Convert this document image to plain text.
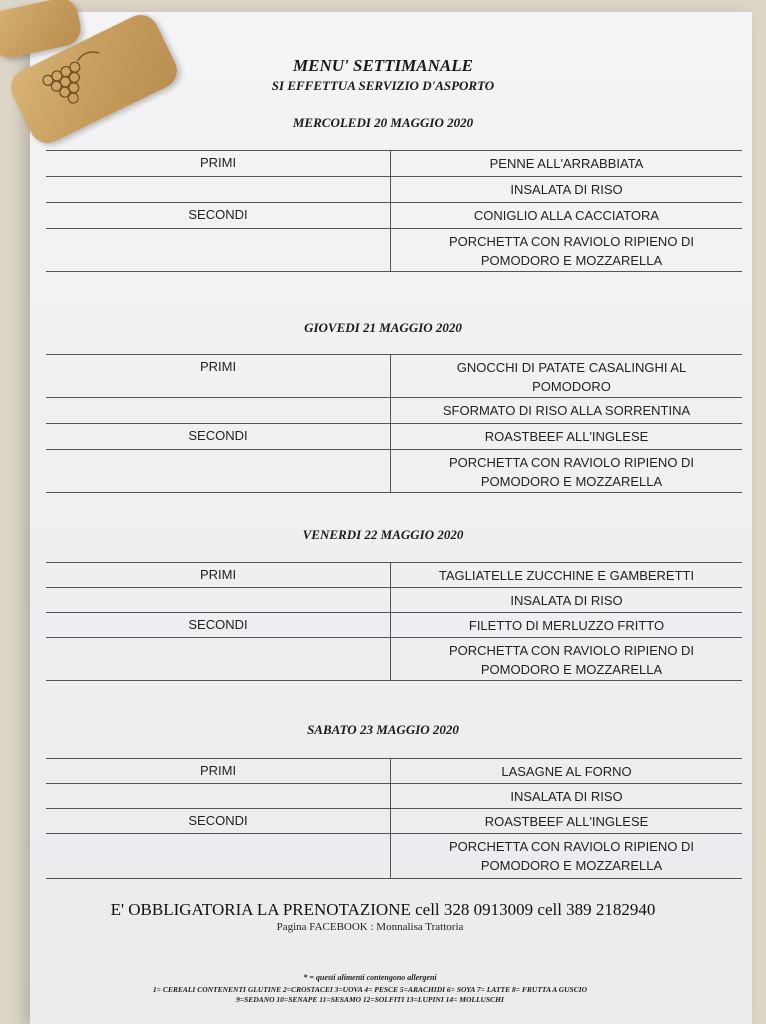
MENU' SETTIMANALE
SI EFFETTUA SERVIZIO D'ASPORTO
MERCOLEDI 20 MAGGIO 2020
PRIMI	PENNE ALL'ARRABBIATA
INSALATA DI RISO
SECONDI	CONIGLIO ALLA CACCIATORA
PORCHETTA CON RAVIOLO RIPIENO DI POMODORO E MOZZARELLA
GIOVEDI 21 MAGGIO 2020
PRIMI	GNOCCHI DI PATATE CASALINGHI AL POMODORO
SFORMATO DI RISO ALLA SORRENTINA
SECONDI	ROASTBEEF ALL'INGLESE
PORCHETTA CON RAVIOLO RIPIENO DI POMODORO E MOZZARELLA
VENERDI 22 MAGGIO 2020
PRIMI	TAGLIATELLE ZUCCHINE E GAMBERETTI
INSALATA DI RISO
SECONDI	FILETTO DI MERLUZZO FRITTO
PORCHETTA CON RAVIOLO RIPIENO DI POMODORO E MOZZARELLA
SABATO 23 MAGGIO 2020
PRIMI	LASAGNE AL FORNO
INSALATA DI RISO
SECONDI	ROASTBEEF ALL'INGLESE
PORCHETTA CON RAVIOLO RIPIENO DI POMODORO E MOZZARELLA
E' OBBLIGATORIA LA PRENOTAZIONE cell 328 0913009 cell 389 2182940
Pagina FACEBOOK : Monnalisa Trattoria
* = questi alimenti contengono allergeni
1= CEREALI CONTENENTI GLUTINE 2=CROSTACEI 3=UOVA 4= PESCE 5=ARACHIDI 6= SOYA 7= LATTE 8= FRUTTA A GUSCIO
9=SEDANO 10=SENAPE 11=SESAMO 12=SOLFITI 13=LUPINI 14= MOLLUSCHI
